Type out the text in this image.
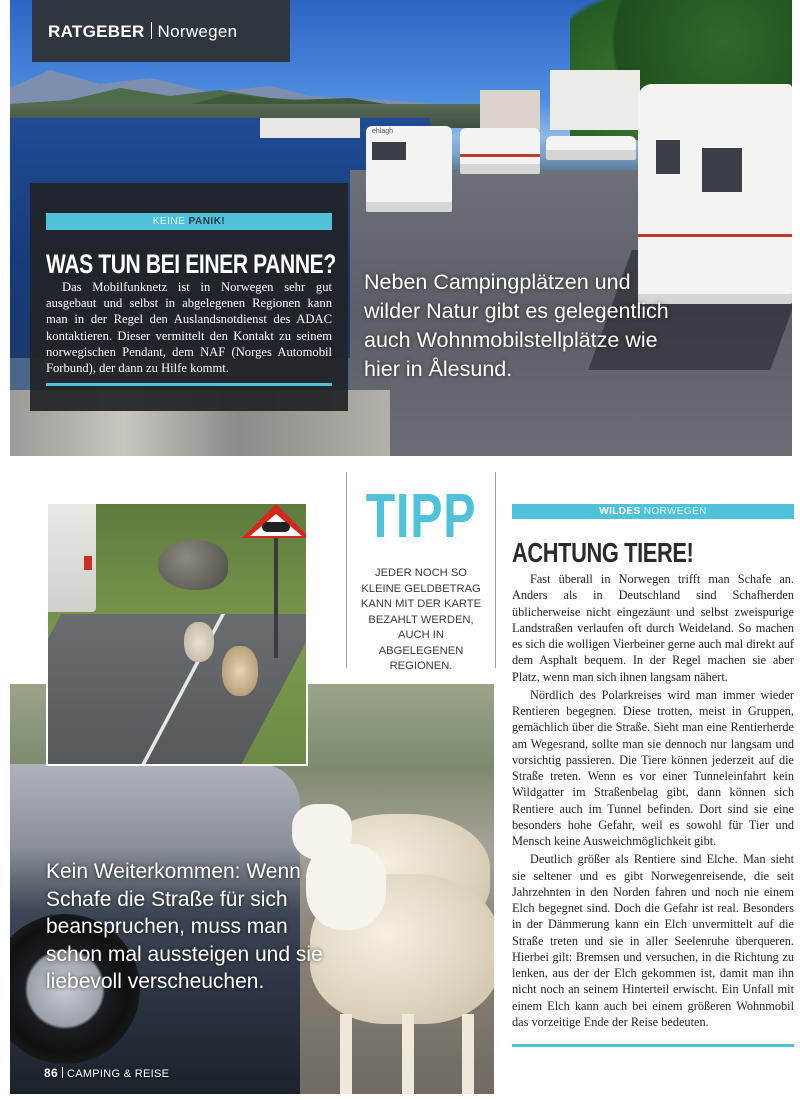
ehlagh
RATGEBER Norwegen
KEINE PANIK!
WAS TUN BEI EINER PANNE?
Das Mobilfunknetz ist in Norwegen sehr gut ausgebaut und selbst in abgelegenen Regionen kann man in der Regel den Auslandsnotdienst des ADAC kontaktieren. Dieser vermittelt den Kontakt zu seinem norwegischen Pendant, dem NAF (Norges Automobil Forbund), der dann zu Hilfe kommt.
Neben Campingplätzen und wilder Natur gibt es gelegentlich auch Wohnmobilstellplätze wie hier in Ålesund.
Kein Weiterkommen: Wenn Schafe die Straße für sich beanspruchen, muss man schon mal aussteigen und sie liebevoll verscheuchen.
TIPP
JEDER NOCH SO KLEINE GELDBETRAG KANN MIT DER KARTE BEZAHLT WERDEN, AUCH IN ABGELEGENEN REGIONEN.
WILDES NORWEGEN
ACHTUNG TIERE!

Fast überall in Norwegen trifft man Schafe an. Anders als in Deutschland sind Schafherden üblicherweise nicht eingezäunt und selbst zweispurige Landstraßen verlaufen oft durch Weideland. So machen es sich die wolligen Vierbeiner gerne auch mal direkt auf dem Asphalt bequem. In der Regel machen sie aber Platz, wenn man sich ihnen langsam nähert.

Nördlich des Polarkreises wird man immer wieder Rentieren begegnen. Diese trotten, meist in Gruppen, gemächlich über die Straße. Sieht man eine Rentierherde am Wegesrand, sollte man sie dennoch nur langsam und vorsichtig passieren. Die Tiere können jederzeit auf die Straße treten. Wenn es vor einer Tunneleinfahrt kein Wildgatter im Straßenbelag gibt, dann können sich Rentiere auch im Tunnel befinden. Dort sind sie eine besonders hohe Gefahr, weil es sowohl für Tier und Mensch keine Ausweichmöglichkeit gibt.

Deutlich größer als Rentiere sind Elche. Man sieht sie seltener und es gibt Norwegenreisende, die seit Jahrzehnten in den Norden fahren und noch nie einem Elch begegnet sind. Doch die Gefahr ist real. Besonders in der Dämmerung kann ein Elch unvermittelt auf die Straße treten und sie in aller Seelenruhe überqueren. Hierbei gilt: Bremsen und versuchen, in die Richtung zu lenken, aus der der Elch gekommen ist, damit man ihn nicht noch an seinem Hinterteil erwischt. Ein Unfall mit einem Elch kann auch bei einem größeren Wohnmobil das vorzeitige Ende der Reise bedeuten.

86 CAMPING & REISE
